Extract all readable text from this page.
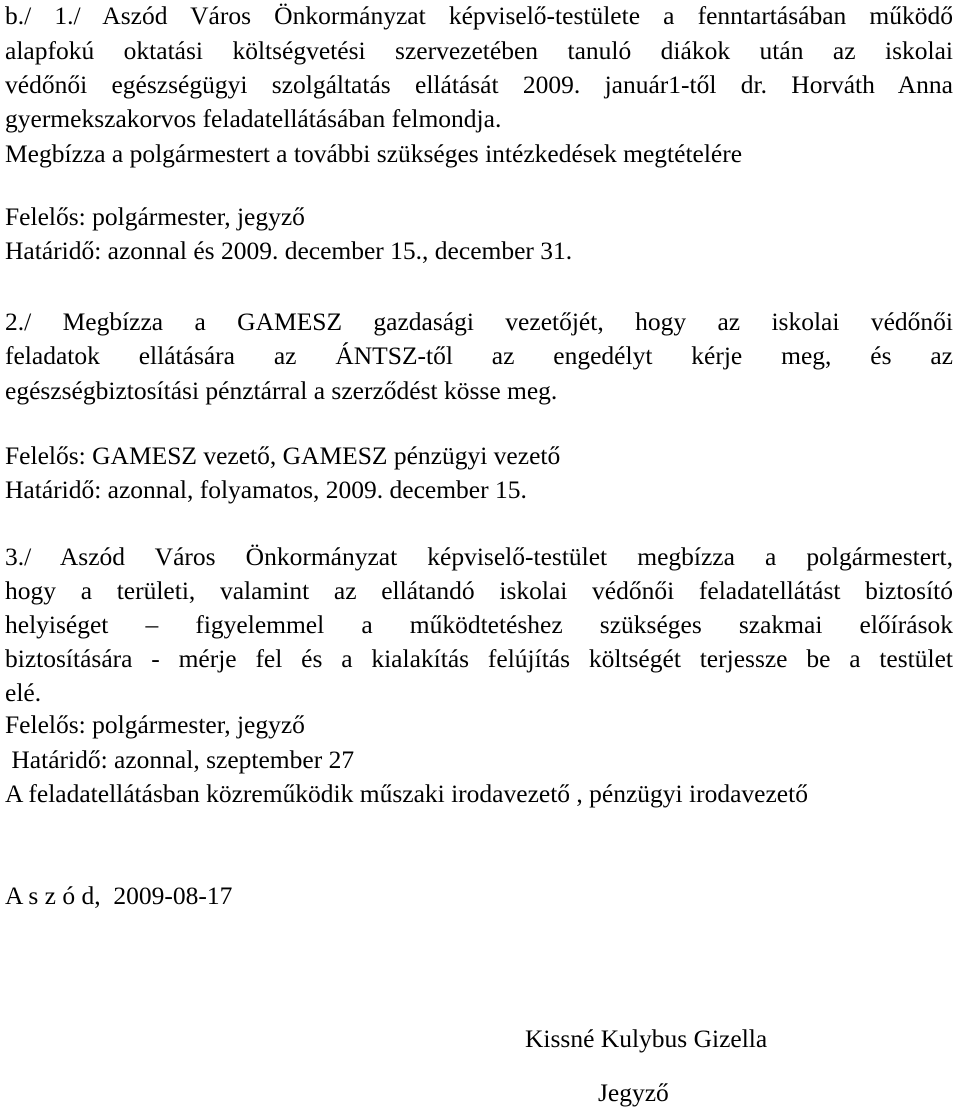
b./ 1./ Aszód Város Önkormányzat képviselő-testülete a fenntartásában működő
alapfokú oktatási költségvetési szervezetében tanuló diákok után az iskolai
védőnői egészségügyi szolgáltatás ellátását 2009. január1-től dr. Horváth Anna
gyermekszakorvos feladatellátásában felmondja.
Megbízza a polgármestert a további szükséges intézkedések megtételére
Felelős: polgármester, jegyző
Határidő: azonnal és 2009. december 15., december 31.
2./ Megbízza a GAMESZ gazdasági vezetőjét, hogy az iskolai védőnői
feladatok ellátására az ÁNTSZ-től az engedélyt kérje meg, és az
egészségbiztosítási pénztárral a szerződést kösse meg.
Felelős: GAMESZ vezető, GAMESZ pénzügyi vezető
Határidő: azonnal, folyamatos, 2009. december 15.
3./ Aszód Város Önkormányzat képviselő-testület megbízza a polgármestert,
hogy a területi, valamint az ellátandó iskolai védőnői feladatellátást biztosító
helyiséget – figyelemmel a működtetéshez szükséges szakmai előírások
biztosítására - mérje fel és a kialakítás felújítás költségét terjessze be a testület
elé.
Felelős: polgármester, jegyző
Határidő: azonnal, szeptember 27
A feladatellátásban közreműködik műszaki irodavezető , pénzügyi irodavezető
A s z ó d,  2009-08-17
Kissné Kulybus Gizella
Jegyző
